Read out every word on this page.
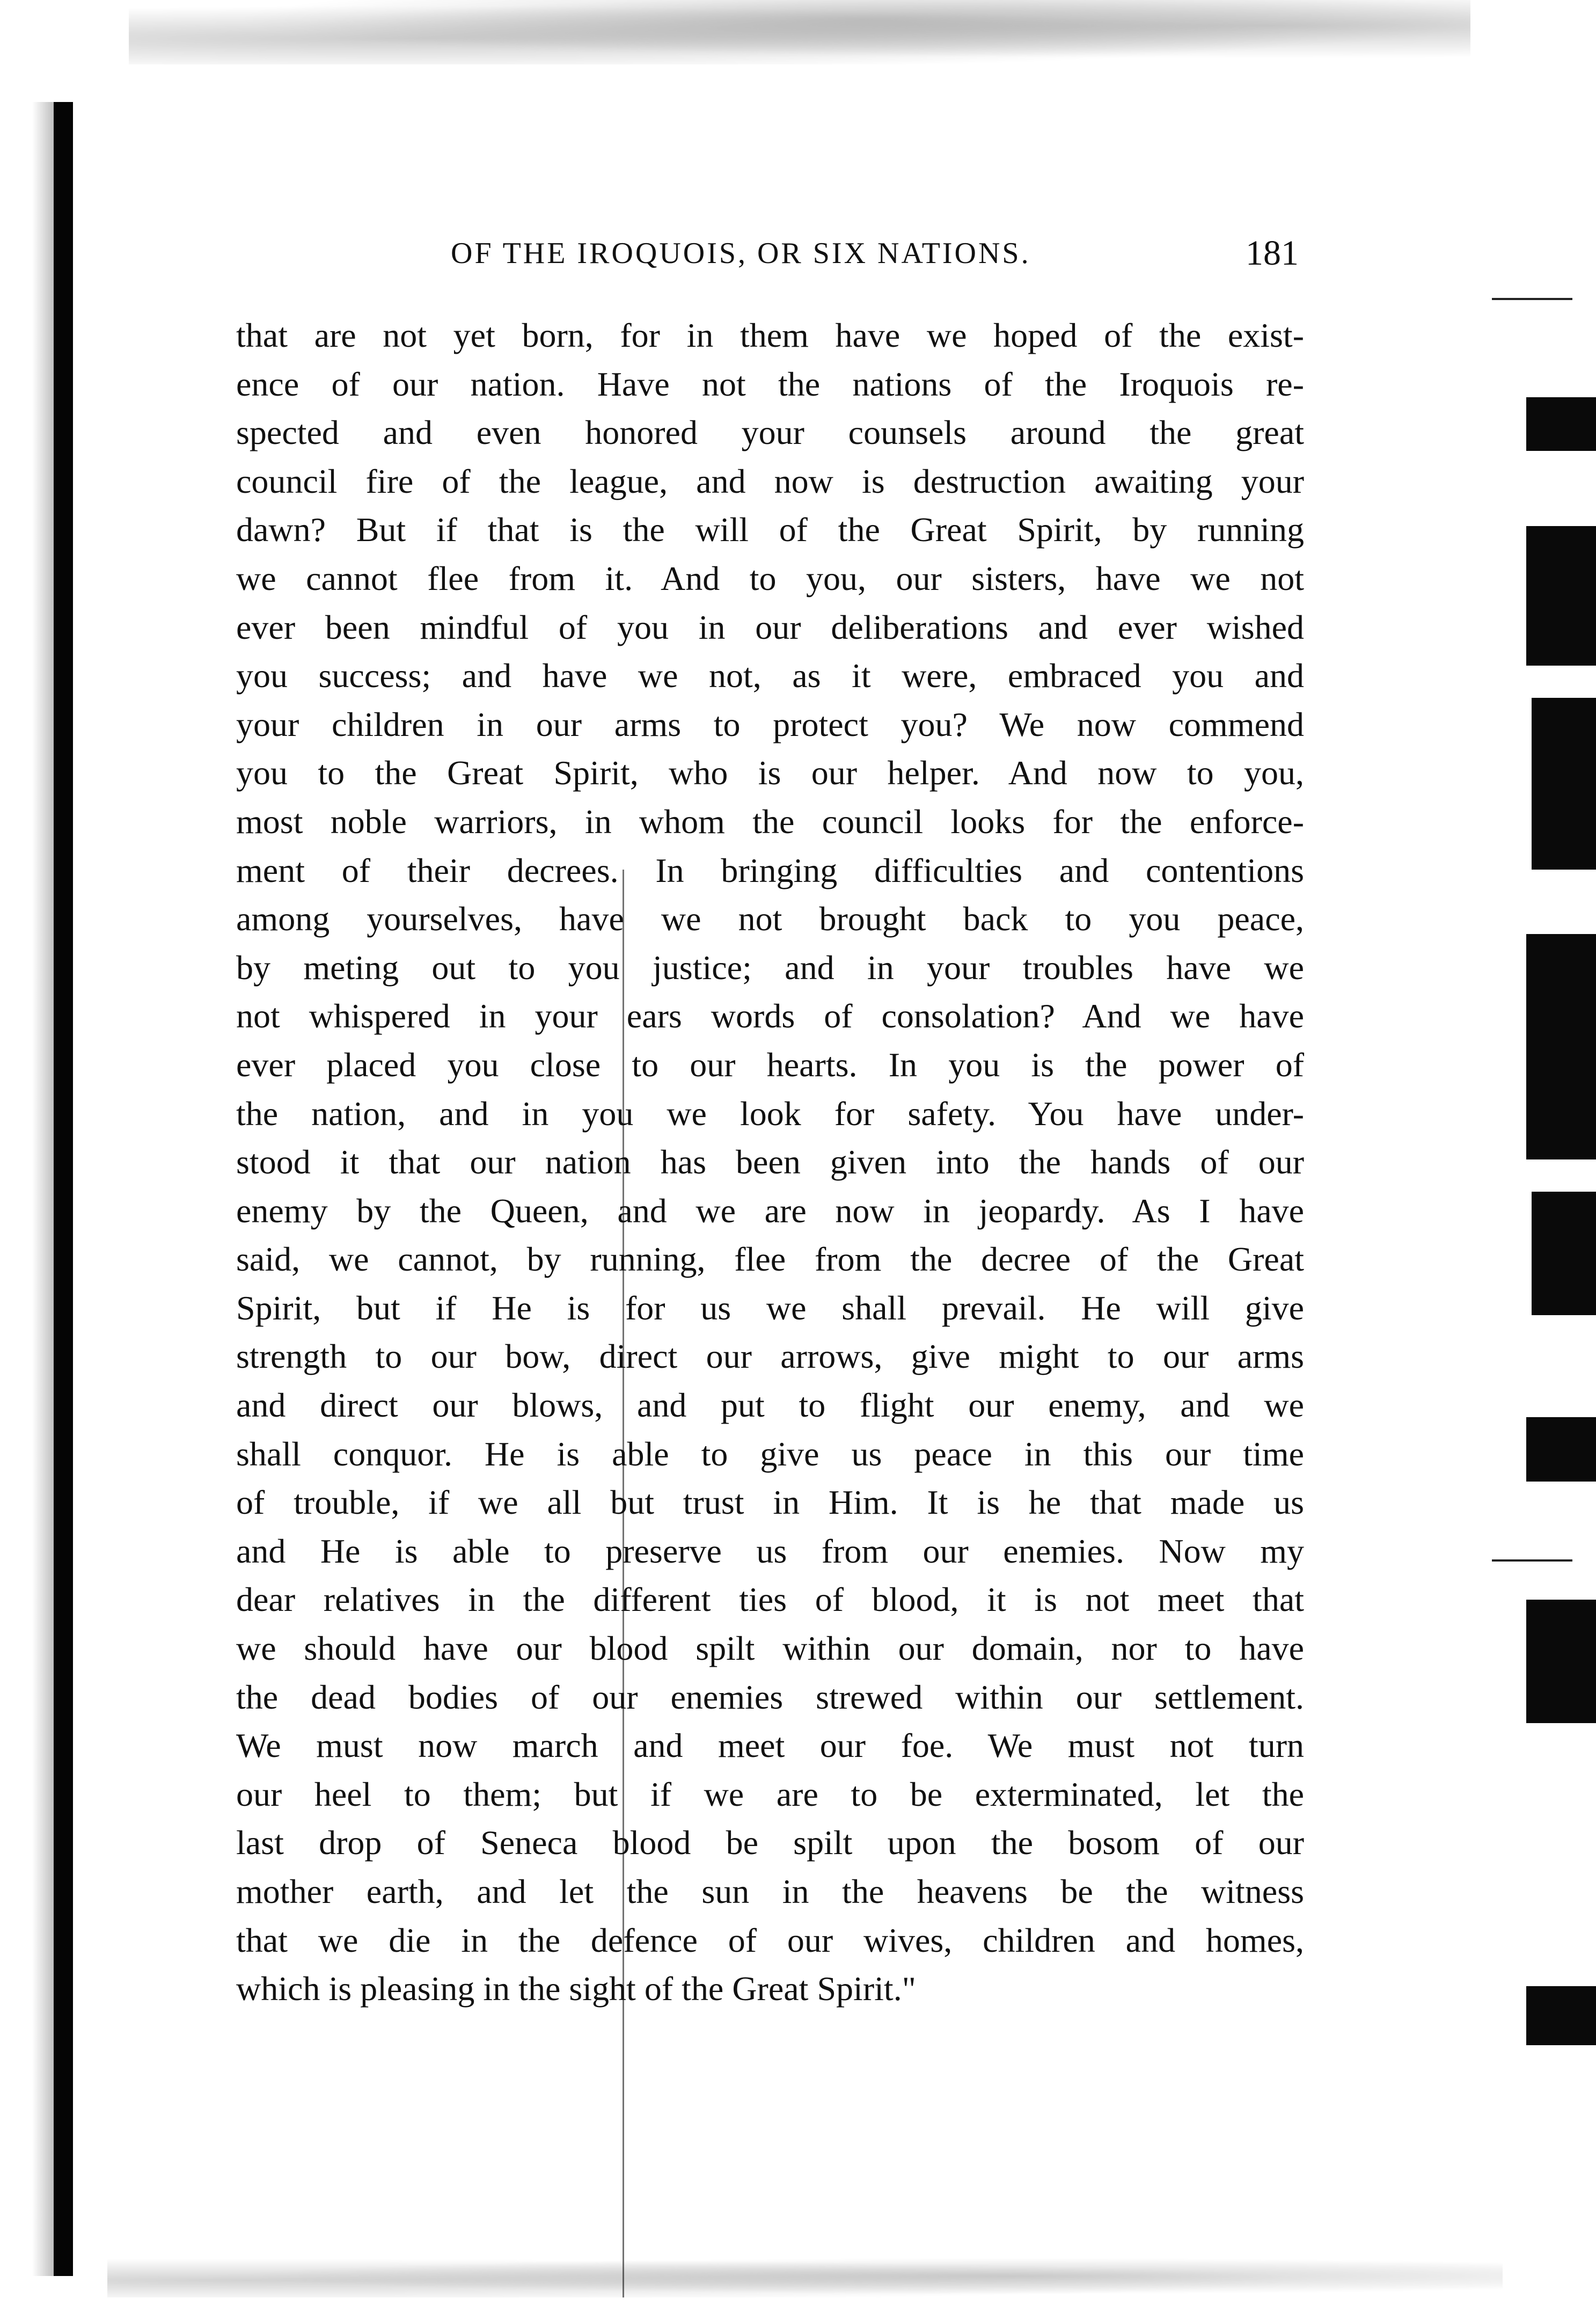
OF THE IROQUOIS, OR SIX NATIONS.	181
that are not yet born, for in them have we hoped of the exist-
ence of our nation. Have not the nations of the Iroquois re-
spected and even honored your counsels around the great
council fire of the league, and now is destruction awaiting your
dawn? But if that is the will of the Great Spirit, by running
we cannot flee from it. And to you, our sisters, have we not
ever been mindful of you in our deliberations and ever wished
you success; and have we not, as it were, embraced you and
your children in our arms to protect you? We now commend
you to the Great Spirit, who is our helper. And now to you,
most noble warriors, in whom the council looks for the enforce-
ment of their decrees. In bringing difficulties and contentions
among yourselves, have we not brought back to you peace,
by meting out to you justice; and in your troubles have we
not whispered in your ears words of consolation? And we have
ever placed you close to our hearts. In you is the power of
the nation, and in you we look for safety. You have under-
stood it that our nation has been given into the hands of our
enemy by the Queen, and we are now in jeopardy. As I have
said, we cannot, by running, flee from the decree of the Great
Spirit, but if He is for us we shall prevail. He will give
strength to our bow, direct our arrows, give might to our arms
and direct our blows, and put to flight our enemy, and we
shall conquor. He is able to give us peace in this our time
of trouble, if we all but trust in Him. It is he that made us
and He is able to preserve us from our enemies. Now my
dear relatives in the different ties of blood, it is not meet that
we should have our blood spilt within our domain, nor to have
the dead bodies of our enemies strewed within our settlement.
We must now march and meet our foe. We must not turn
our heel to them; but if we are to be exterminated, let the
last drop of Seneca blood be spilt upon the bosom of our
mother earth, and let the sun in the heavens be the witness
that we die in the defence of our wives, children and homes,
which is pleasing in the sight of the Great Spirit."
